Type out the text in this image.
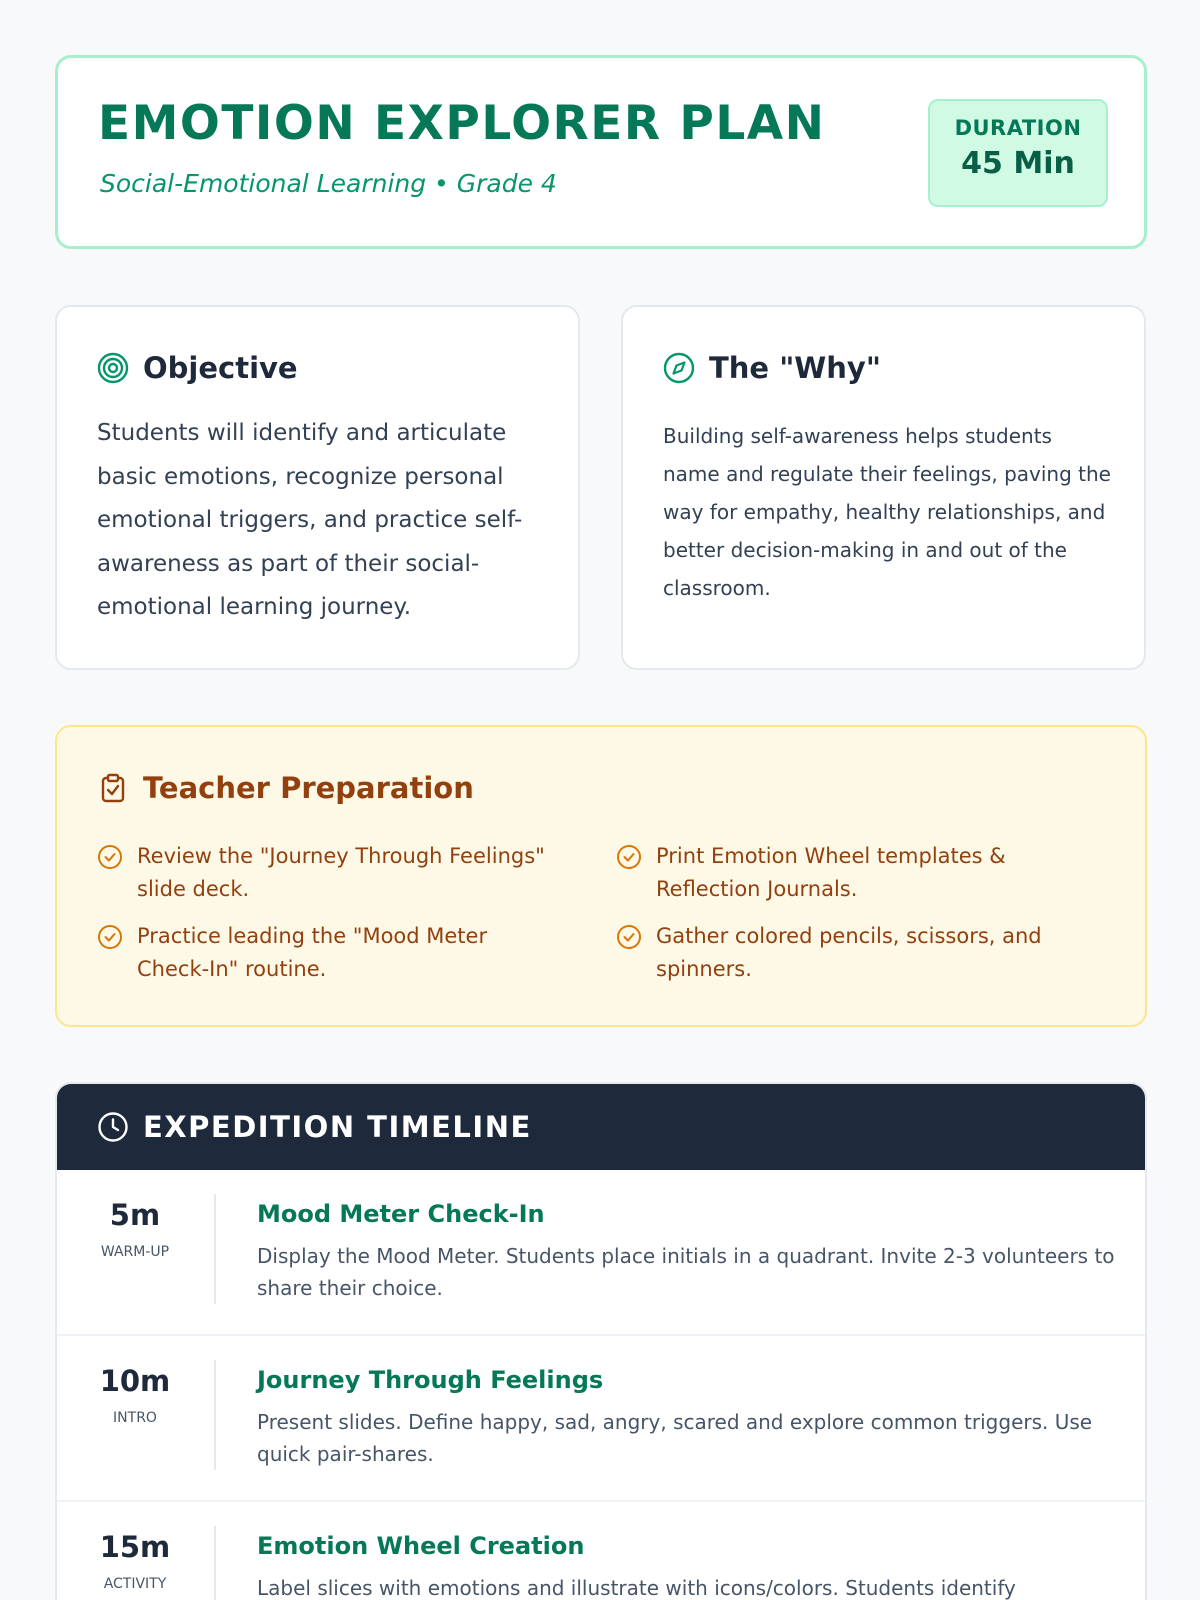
EMOTION EXPLORER PLAN
Social-Emotional Learning • Grade 4
DURATION
45 Min
Objective

Students will identify and articulate basic emotions, recognize personal emotional triggers, and practice self-awareness as part of their social-emotional learning journey.

The "Why"

Building self-awareness helps students name and regulate their feelings, paving the way for empathy, healthy relationships, and better decision-making in and out of the classroom.

Teacher Preparation
Review the "Journey Through Feelings" slide deck.
Print Emotion Wheel templates & Reflection Journals.
Practice leading the "Mood Meter Check-In" routine.
Gather colored pencils, scissors, and spinners.
EXPEDITION TIMELINE
5m
WARM-UP
Mood Meter Check-In
Display the Mood Meter. Students place initials in a quadrant. Invite 2-3 volunteers to share their choice.
10m
INTRO
Journey Through Feelings
Present slides. Define happy, sad, angry, scared and explore common triggers. Use quick pair-shares.
15m
ACTIVITY
Emotion Wheel Creation
Label slices with emotions and illustrate with icons/colors. Students identify
